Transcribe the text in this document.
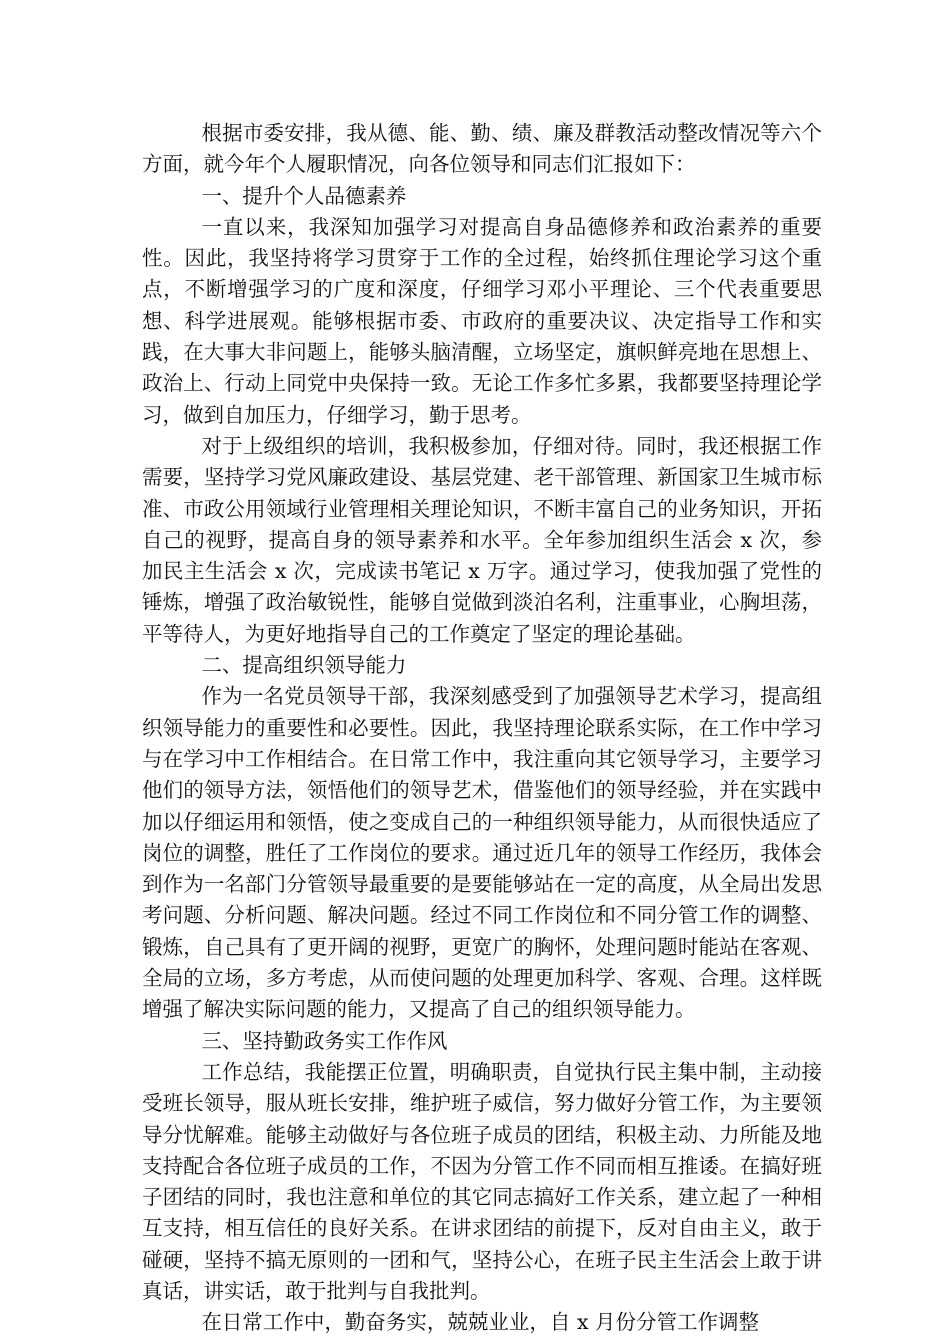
根据市委安排，我从德、能、勤、绩、廉及群教活动整改情况等六个方面，就今年个人履职情况，向各位领导和同志们汇报如下：

一、提升个人品德素养

一直以来，我深知加强学习对提高自身品德修养和政治素养的重要性。因此，我坚持将学习贯穿于工作的全过程，始终抓住理论学习这个重点，不断增强学习的广度和深度，仔细学习邓小平理论、三个代表重要思想、科学进展观。能够根据市委、市政府的重要决议、决定指导工作和实践，在大事大非问题上，能够头脑清醒，立场坚定，旗帜鲜亮地在思想上、政治上、行动上同党中央保持一致。无论工作多忙多累，我都要坚持理论学习，做到自加压力，仔细学习，勤于思考。

对于上级组织的培训，我积极参加，仔细对待。同时，我还根据工作需要，坚持学习党风廉政建设、基层党建、老干部管理、新国家卫生城市标准、市政公用领域行业管理相关理论知识，不断丰富自己的业务知识，开拓自己的视野，提高自身的领导素养和水平。全年参加组织生活会 x 次，参加民主生活会 x 次，完成读书笔记 x 万字。通过学习，使我加强了党性的锤炼，增强了政治敏锐性，能够自觉做到淡泊名利，注重事业，心胸坦荡，平等待人，为更好地指导自己的工作奠定了坚定的理论基础。

二、提高组织领导能力

作为一名党员领导干部，我深刻感受到了加强领导艺术学习，提高组织领导能力的重要性和必要性。因此，我坚持理论联系实际，在工作中学习与在学习中工作相结合。在日常工作中，我注重向其它领导学习，主要学习他们的领导方法，领悟他们的领导艺术，借鉴他们的领导经验，并在实践中加以仔细运用和领悟，使之变成自己的一种组织领导能力，从而很快适应了岗位的调整，胜任了工作岗位的要求。通过近几年的领导工作经历，我体会到作为一名部门分管领导最重要的是要能够站在一定的高度，从全局出发思考问题、分析问题、解决问题。经过不同工作岗位和不同分管工作的调整、锻炼，自己具有了更开阔的视野，更宽广的胸怀，处理问题时能站在客观、全局的立场，多方考虑，从而使问题的处理更加科学、客观、合理。这样既增强了解决实际问题的能力，又提高了自己的组织领导能力。

三、坚持勤政务实工作作风

工作总结，我能摆正位置，明确职责，自觉执行民主集中制，主动接受班长领导，服从班长安排，维护班子威信，努力做好分管工作，为主要领导分忧解难。能够主动做好与各位班子成员的团结，积极主动、力所能及地支持配合各位班子成员的工作，不因为分管工作不同而相互推诿。在搞好班子团结的同时，我也注意和单位的其它同志搞好工作关系，建立起了一种相互支持，相互信任的良好关系。在讲求团结的前提下，反对自由主义，敢于碰硬，坚持不搞无原则的一团和气，坚持公心，在班子民主生活会上敢于讲真话，讲实话，敢于批判与自我批判。

在日常工作中，勤奋务实，兢兢业业，自 x 月份分管工作调整
